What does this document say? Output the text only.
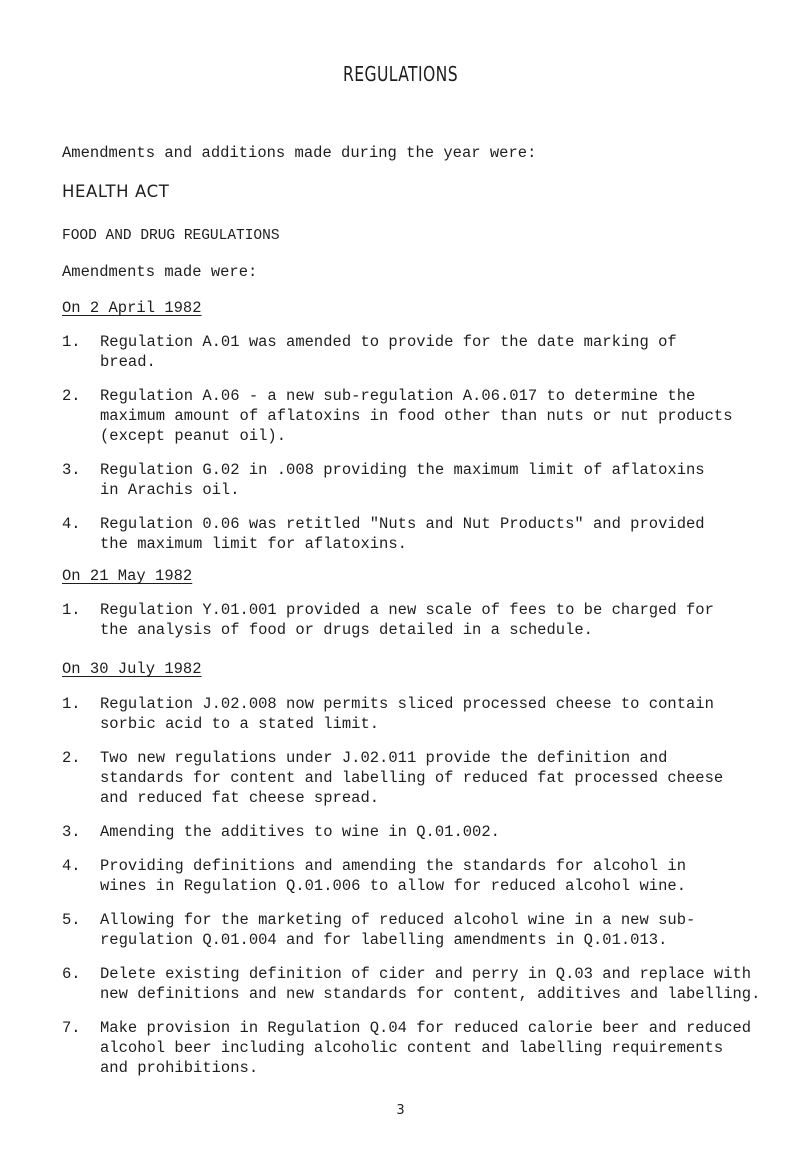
REGULATIONS
Amendments and additions made during the year were:
HEALTH ACT
FOOD AND DRUG REGULATIONS
Amendments made were:
On 2 April 1982
1.	Regulation A.01 was amended to provide for the date marking of
bread.
2.	Regulation A.06 - a new sub-regulation A.06.017 to determine the
maximum amount of aflatoxins in food other than nuts or nut products
(except peanut oil).
3.	Regulation G.02 in .008 providing the maximum limit of aflatoxins
in Arachis oil.
4.	Regulation 0.06 was retitled "Nuts and Nut Products" and provided
the maximum limit for aflatoxins.
On 21 May 1982
1.	Regulation Y.01.001 provided a new scale of fees to be charged for
the analysis of food or drugs detailed in a schedule.
On 30 July 1982
1.	Regulation J.02.008 now permits sliced processed cheese to contain
sorbic acid to a stated limit.
2.	Two new regulations under J.02.011 provide the definition and
standards for content and labelling of reduced fat processed cheese
and reduced fat cheese spread.
3.	Amending the additives to wine in Q.01.002.
4.	Providing definitions and amending the standards for alcohol in
wines in Regulation Q.01.006 to allow for reduced alcohol wine.
5.	Allowing for the marketing of reduced alcohol wine in a new sub-
regulation Q.01.004 and for labelling amendments in Q.01.013.
6.	Delete existing definition of cider and perry in Q.03 and replace with
new definitions and new standards for content, additives and labelling.
7.	Make provision in Regulation Q.04 for reduced calorie beer and reduced
alcohol beer including alcoholic content and labelling requirements
and prohibitions.
3
